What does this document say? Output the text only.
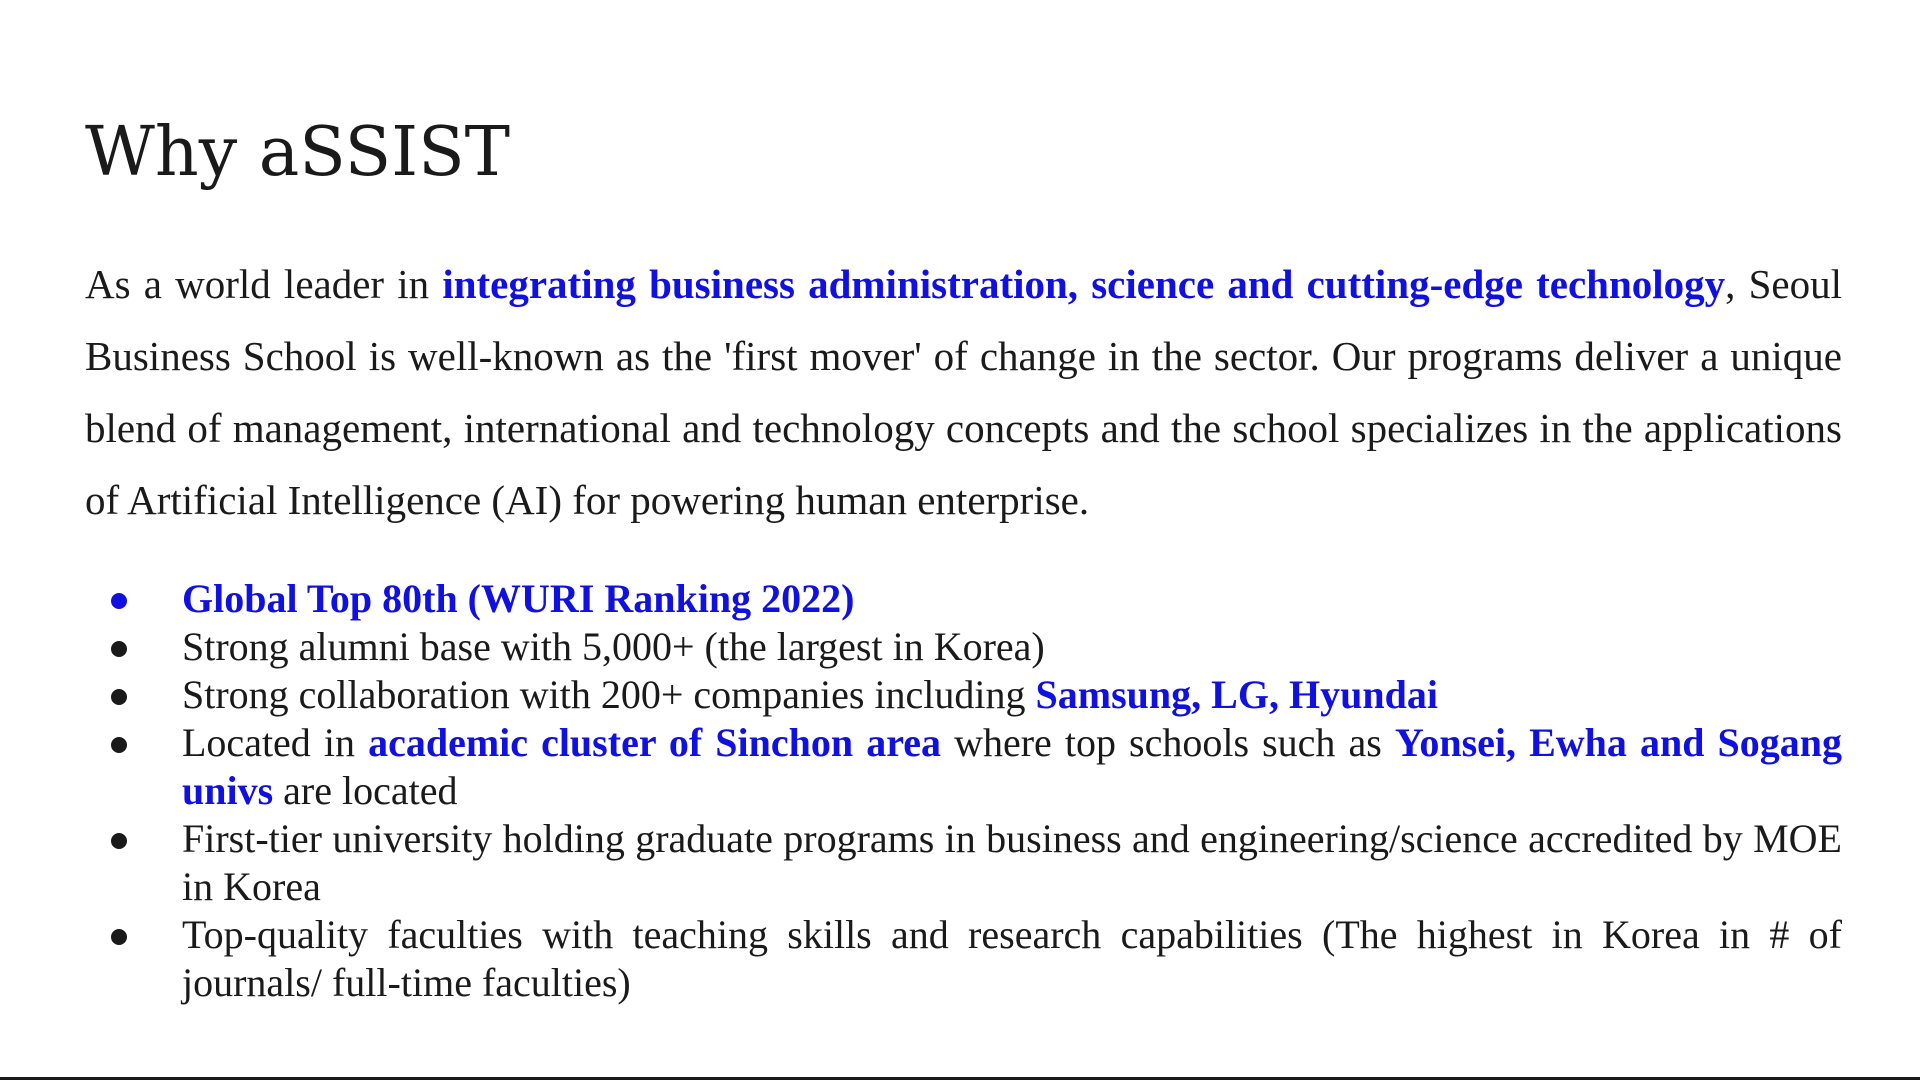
Why aSSIST

As a world leader in integrating business administration, science and cutting-edge technology, Seoul Business School is well-known as the 'first mover' of change in the sector. Our programs deliver a unique blend of management, international and technology concepts and the school specializes in the applications of Artificial Intelligence (AI) for powering human enterprise.

Global Top 80th (WURI Ranking 2022)
Strong alumni base with 5,000+ (the largest in Korea)
Strong collaboration with 200+ companies including Samsung, LG, Hyundai
Located in academic cluster of Sinchon area where top schools such as Yonsei, Ewha and Sogang univs are located
First-tier university holding graduate programs in business and engineering/science accredited by MOE in Korea
Top-quality faculties with teaching skills and research capabilities (The highest in Korea in # of journals/ full-time faculties)
